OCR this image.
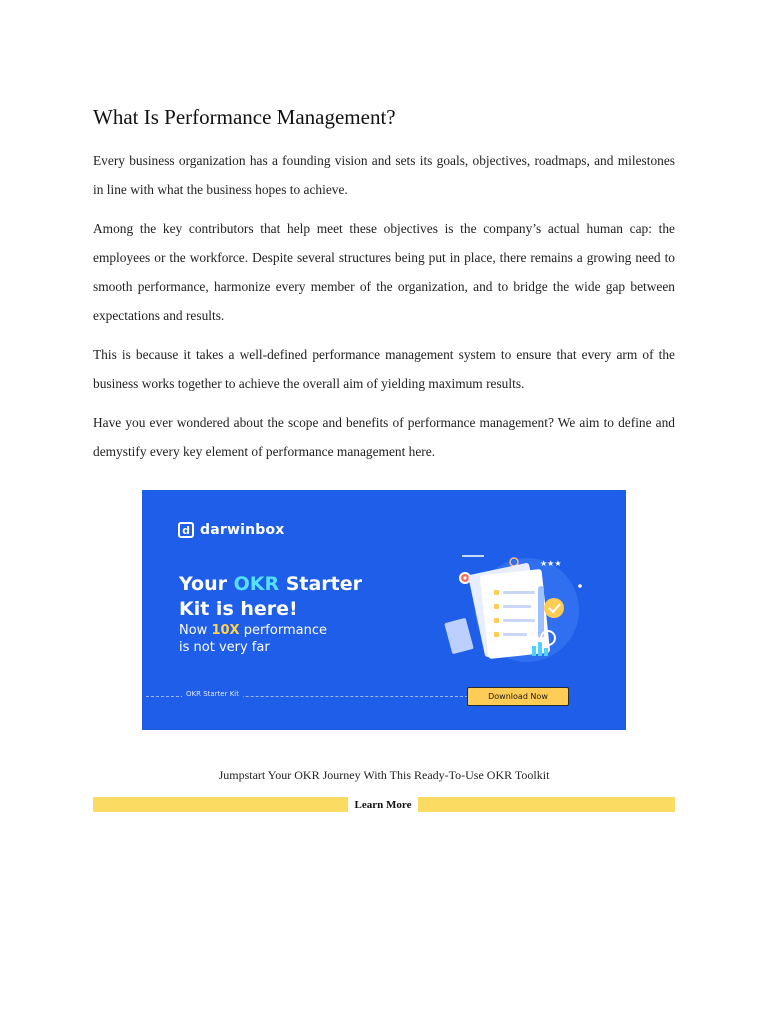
What Is Performance Management?

Every business organization has a founding vision and sets its goals, objectives, roadmaps, and milestones in line with what the business hopes to achieve.

Among the key contributors that help meet these objectives is the company’s actual human cap: the employees or the workforce. Despite several structures being put in place, there remains a growing need to smooth performance, harmonize every member of the organization, and to bridge the wide gap between expectations and results.

This is because it takes a well-defined performance management system to ensure that every arm of the business works together to achieve the overall aim of yielding maximum results.

Have you ever wondered about the scope and benefits of performance management? We aim to define and demystify every key element of performance management here.

d darwinbox
Your OKR Starter
Kit is here!
Now 10X performance
is not very far
★★★
OKR Starter Kit	Download Now
Jumpstart Your OKR Journey With This Ready-To-Use OKR Toolkit
Learn More
